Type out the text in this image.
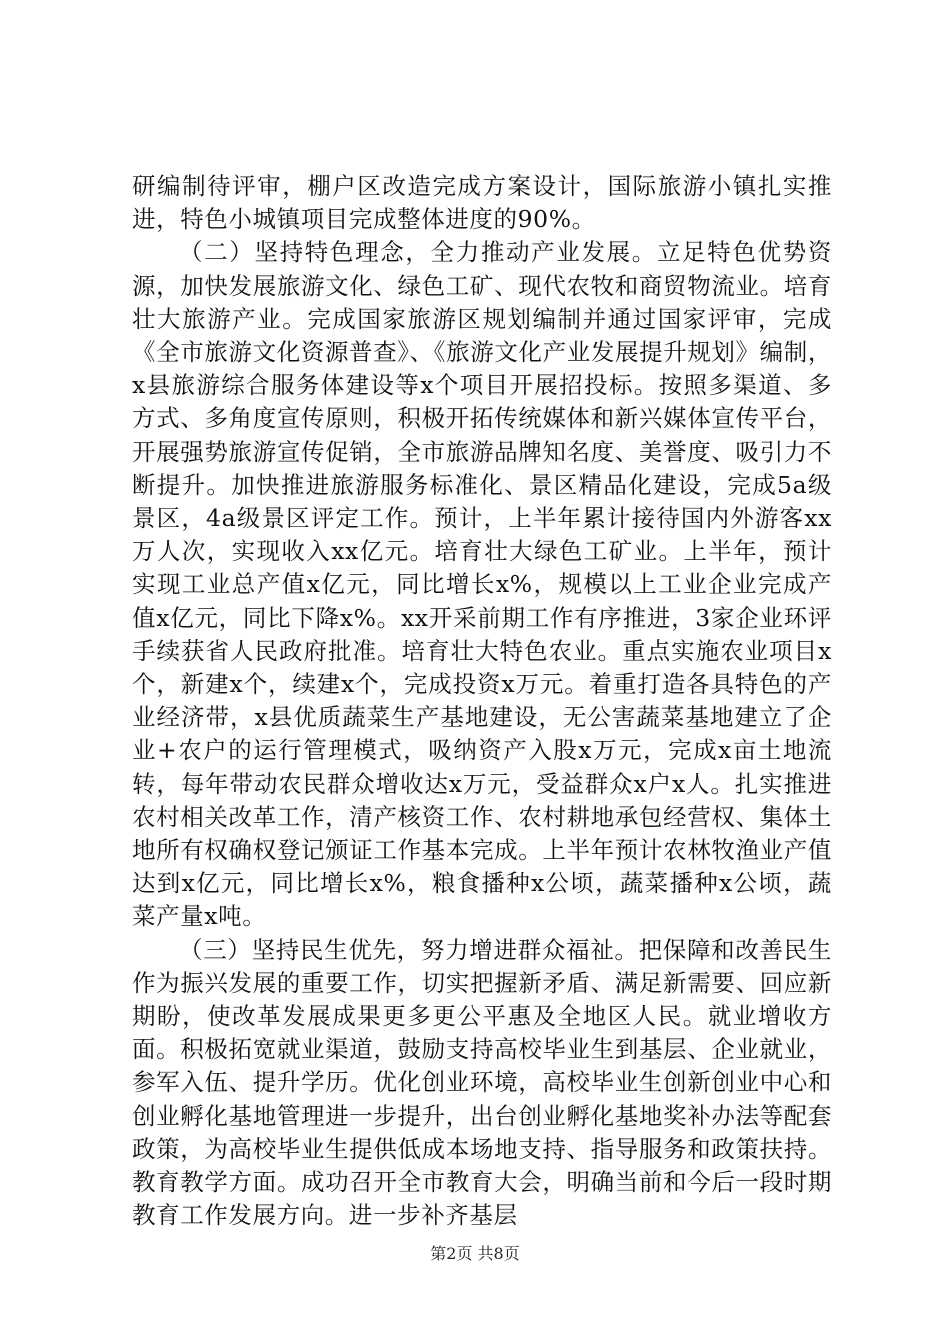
研编制待评审，棚户区改造完成方案设计，国际旅游小镇扎实推进，特色小城镇项目完成整体进度的90%。

（二）坚持特色理念，全力推动产业发展。立足特色优势资源，加快发展旅游文化、绿色工矿、现代农牧和商贸物流业。培育壮大旅游产业。完成国家旅游区规划编制并通过国家评审，完成《全市旅游文化资源普查》、《旅游文化产业发展提升规划》编制，x县旅游综合服务体建设等x个项目开展招投标。按照多渠道、多方式、多角度宣传原则，积极开拓传统媒体和新兴媒体宣传平台，开展强势旅游宣传促销，全市旅游品牌知名度、美誉度、吸引力不断提升。加快推进旅游服务标准化、景区精品化建设，完成5a级景区，4a级景区评定工作。预计，上半年累计接待国内外游客xx万人次，实现收入xx亿元。培育壮大绿色工矿业。上半年，预计实现工业总产值x亿元，同比增长x%，规模以上工业企业完成产值x亿元，同比下降x%。xx开采前期工作有序推进，3家企业环评手续获省人民政府批准。培育壮大特色农业。重点实施农业项目x个，新建x个，续建x个，完成投资x万元。着重打造各具特色的产业经济带，x县优质蔬菜生产基地建设，无公害蔬菜基地建立了企业+农户的运行管理模式，吸纳资产入股x万元，完成x亩土地流转，每年带动农民群众增收达x万元，受益群众x户x人。扎实推进农村相关改革工作，清产核资工作、农村耕地承包经营权、集体土地所有权确权登记颁证工作基本完成。上半年预计农林牧渔业产值达到x亿元，同比增长x%，粮食播种x公顷，蔬菜播种x公顷，蔬菜产量x吨。

（三）坚持民生优先，努力增进群众福祉。把保障和改善民生作为振兴发展的重要工作，切实把握新矛盾、满足新需要、回应新期盼，使改革发展成果更多更公平惠及全地区人民。就业增收方面。积极拓宽就业渠道，鼓励支持高校毕业生到基层、企业就业，参军入伍、提升学历。优化创业环境，高校毕业生创新创业中心和创业孵化基地管理进一步提升，出台创业孵化基地奖补办法等配套政策，为高校毕业生提供低成本场地支持、指导服务和政策扶持。教育教学方面。成功召开全市教育大会，明确当前和今后一段时期教育工作发展方向。进一步补齐基层

第2页 共8页
